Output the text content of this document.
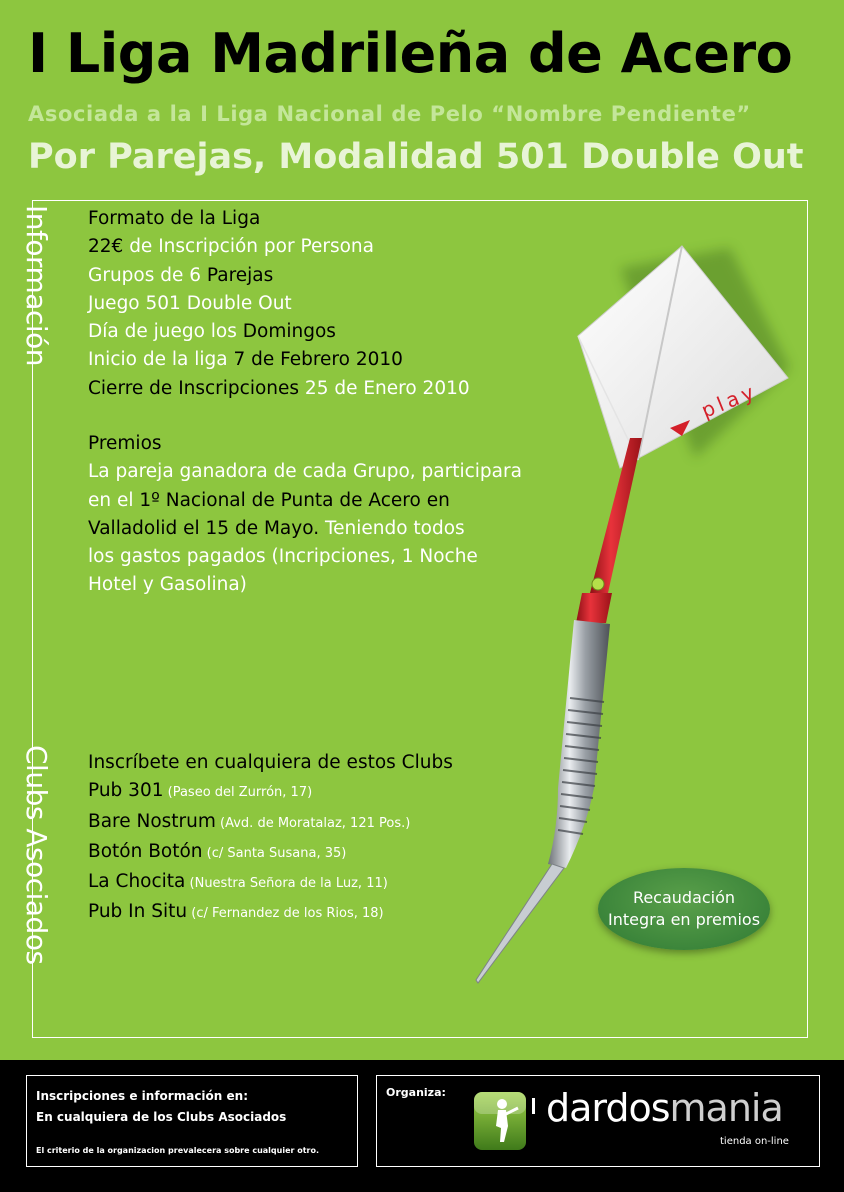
I Liga Madrileña de Acero
Asociada a la I Liga Nacional de Pelo “Nombre Pendiente”
Por Parejas, Modalidad 501 Double Out
Información
Clubs Asociados
play
Formato de la Liga
22€ de Inscripción por Persona
Grupos de 6 Parejas
Juego 501 Double Out
Día de juego los Domingos
Inicio de la liga 7 de Febrero 2010
Cierre de Inscripciones 25 de Enero 2010
Premios
La pareja ganadora de cada Grupo, participara
en el 1º Nacional de Punta de Acero en
Valladolid el 15 de Mayo. Teniendo todos
los gastos pagados (Incripciones, 1 Noche
Hotel y Gasolina)
Inscríbete en cualquiera de estos Clubs
Pub 301 (Paseo del Zurrón, 17)
Bare Nostrum (Avd. de Moratalaz, 121 Pos.)
Botón Botón (c/ Santa Susana, 35)
La Chocita (Nuestra Señora de la Luz, 11)
Pub In Situ (c/ Fernandez de los Rios, 18)
Recaudación
Integra en premios
Inscripciones e información en:
En cualquiera de los Clubs Asociados
El criterio de la organizacion prevalecera sobre cualquier otro.
Organiza:	dardosmania
tienda on-line
